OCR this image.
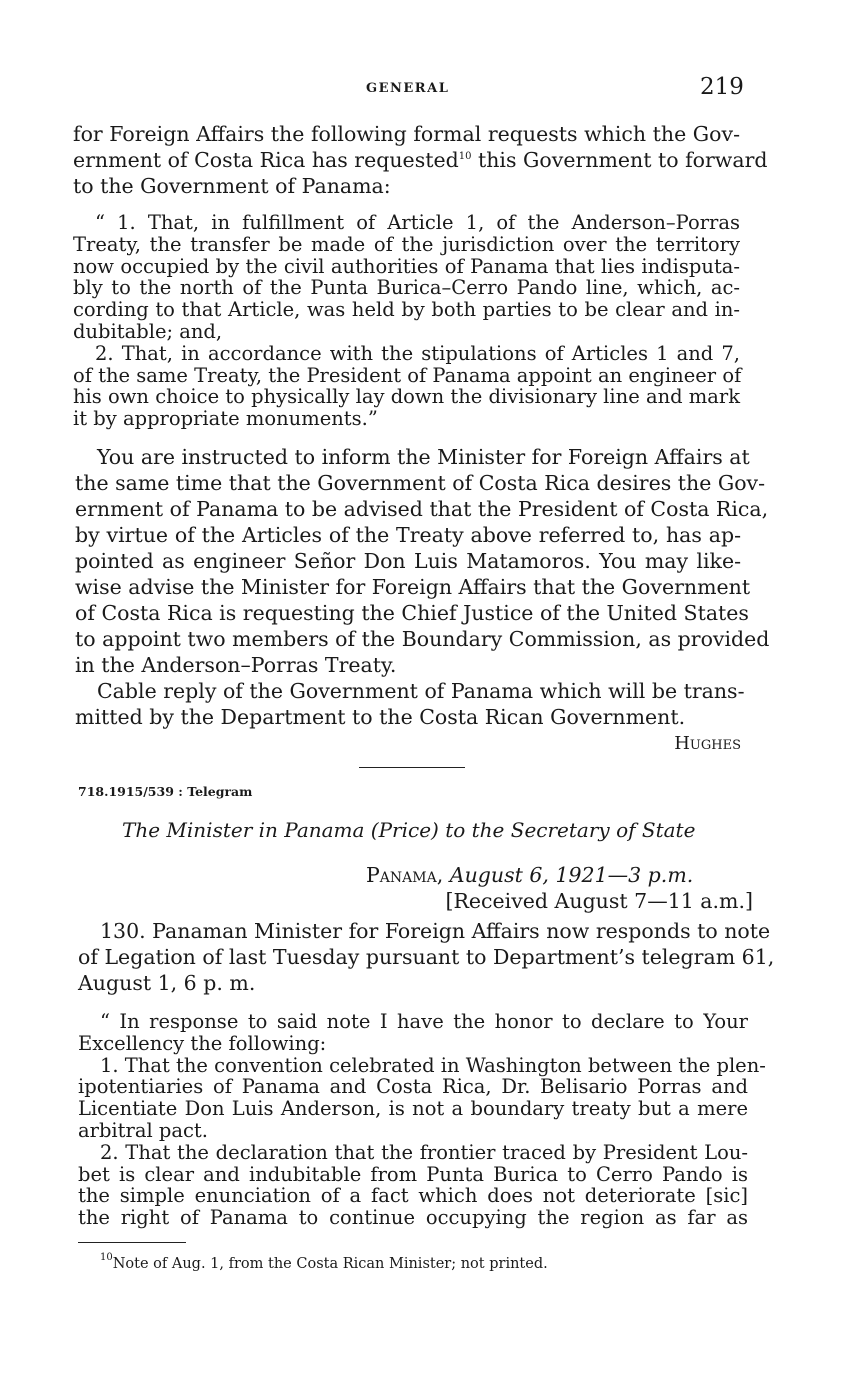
GENERAL	219
for Foreign Affairs the following formal requests which the Gov-
ernment of Costa Rica has requested$^{10}$ this Government to forward
to the Government of Panama:
“ 1. That, in fulfillment of Article 1, of the Anderson–Porras
Treaty, the transfer be made of the jurisdiction over the territory
now occupied by the civil authorities of Panama that lies indisputa-
bly to the north of the Punta Burica–Cerro Pando line, which, ac-
cording to that Article, was held by both parties to be clear and in-
dubitable; and,
2. That, in accordance with the stipulations of Articles 1 and 7,
of the same Treaty, the President of Panama appoint an engineer of
his own choice to physically lay down the divisionary line and mark
it by appropriate monuments.”
You are instructed to inform the Minister for Foreign Affairs at
the same time that the Government of Costa Rica desires the Gov-
ernment of Panama to be advised that the President of Costa Rica,
by virtue of the Articles of the Treaty above referred to, has ap-
pointed as engineer Señor Don Luis Matamoros. You may like-
wise advise the Minister for Foreign Affairs that the Government
of Costa Rica is requesting the Chief Justice of the United States
to appoint two members of the Boundary Commission, as provided
in the Anderson–Porras Treaty.
Cable reply of the Government of Panama which will be trans-
mitted by the Department to the Costa Rican Government.
Hughes
718.1915/539 : Telegram
The Minister in Panama (Price) to the Secretary of State
Panama, August 6, 1921—3 p.m.
[Received August 7—11 a.m.]
130. Panaman Minister for Foreign Affairs now responds to note
of Legation of last Tuesday pursuant to Department’s telegram 61,
August 1, 6 p. m.
“ In response to said note I have the honor to declare to Your
Excellency the following:
1. That the convention celebrated in Washington between the plen-
ipotentiaries of Panama and Costa Rica, Dr. Belisario Porras and
Licentiate Don Luis Anderson, is not a boundary treaty but a mere
arbitral pact.
2. That the declaration that the frontier traced by President Lou-
bet is clear and indubitable from Punta Burica to Cerro Pando is
the simple enunciation of a fact which does not deteriorate [sic]
the right of Panama to continue occupying the region as far as
$^{10}$Note of Aug. 1, from the Costa Rican Minister; not printed.
